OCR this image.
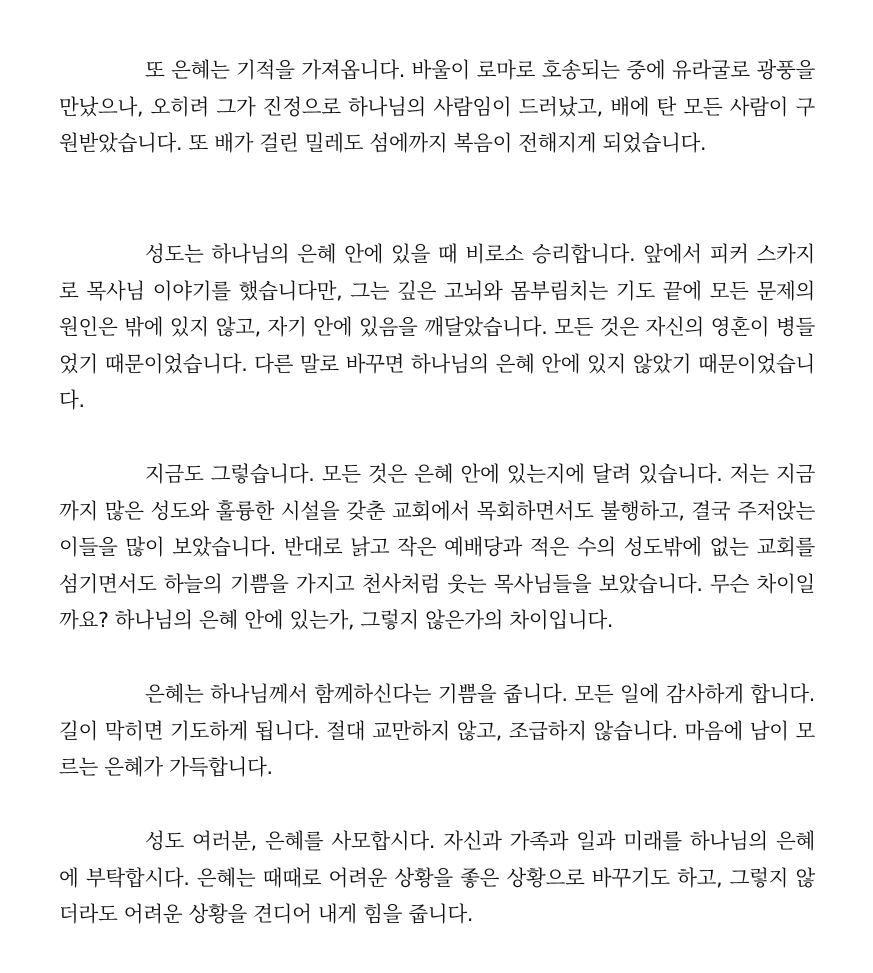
또 은혜는 기적을 가져옵니다. 바울이 로마로 호송되는 중에 유라굴로 광풍을 만났으나, 오히려 그가 진정으로 하나님의 사람임이 드러났고, 배에 탄 모든 사람이 구원받았습니다. 또 배가 걸린 밀레도 섬에까지 복음이 전해지게 되었습니다.

성도는 하나님의 은혜 안에 있을 때 비로소 승리합니다. 앞에서 피커 스카지로 목사님 이야기를 했습니다만, 그는 깊은 고뇌와 몸부림치는 기도 끝에 모든 문제의 원인은 밖에 있지 않고, 자기 안에 있음을 깨달았습니다. 모든 것은 자신의 영혼이 병들었기 때문이었습니다. 다른 말로 바꾸면 하나님의 은혜 안에 있지 않았기 때문이었습니다.

지금도 그렇습니다. 모든 것은 은혜 안에 있는지에 달려 있습니다. 저는 지금까지 많은 성도와 훌륭한 시설을 갖춘 교회에서 목회하면서도 불행하고, 결국 주저앉는 이들을 많이 보았습니다. 반대로 낡고 작은 예배당과 적은 수의 성도밖에 없는 교회를 섬기면서도 하늘의 기쁨을 가지고 천사처럼 웃는 목사님들을 보았습니다. 무슨 차이일까요? 하나님의 은혜 안에 있는가, 그렇지 않은가의 차이입니다.

은혜는 하나님께서 함께하신다는 기쁨을 줍니다. 모든 일에 감사하게 합니다. 길이 막히면 기도하게 됩니다. 절대 교만하지 않고, 조급하지 않습니다. 마음에 남이 모르는 은혜가 가득합니다.

성도 여러분, 은혜를 사모합시다. 자신과 가족과 일과 미래를 하나님의 은혜에 부탁합시다. 은혜는 때때로 어려운 상황을 좋은 상황으로 바꾸기도 하고, 그렇지 않더라도 어려운 상황을 견디어 내게 힘을 줍니다.
